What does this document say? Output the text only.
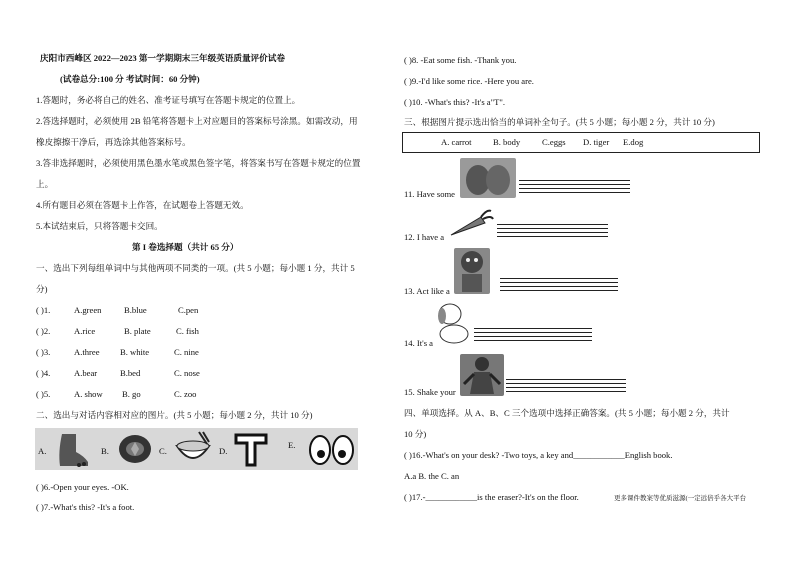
庆阳市西峰区 2022—2023 第一学期期末三年级英语质量评价试卷
(试卷总分:100 分 考试时间：60 分钟)
1.答题时，务必将自己的姓名、准考证号填写在答题卡规定的位置上。
2.答选择题时，必须使用 2B 铅笔将答题卡上对应题目的答案标号涂黑。如需改动，用
橡皮擦擦干净后，再选涂其他答案标号。
3.答非选择题时，必须使用黑色墨水笔或黑色签字笔，将答案书写在答题卡规定的位置
上。
4.所有题目必须在答题卡上作答，在试题卷上答题无效。
5.本试结束后，只将答题卡交回。
第 I 卷选择题（共计 65 分）
一、选出下列每组单词中与其他两项不同类的一项。(共 5 小题；每小题 1 分，共计 5
分)
( )1.	A.green	B.blue	C.pen
( )2.	A.rice	B. plate	C. fish
( )3.	A.three B. white	C. nine
( )4.	A.bear	B.bed	C. nose
( )5.	A. show B. go	C. zoo
二、选出与对话内容相对应的图片。(共 5 小题；每小题 2 分，共计 10 分)
A.	B.	C.	D.
E.
( )6.-Open your eyes. -OK.
( )7.-What's this? -It's a foot.
( )8. -Eat some fish. -Thank you.
( )9.-I'd like some rice. -Here you are.
( )10. -What's this? -It's a"T".
三、根据图片提示选出恰当的单词补全句子。(共 5 小题；每小题 2 分，共计 10 分)
A. carrot B. body	C.eggs D. tiger E.dog
11. Have some
12. I have a
13. Act like a
14. It's a
15. Shake your
四、单项选择。从 A、B、C 三个选项中选择正确答案。(共 5 小题；每小题 2 分，共计
10 分)
( )16.-What's on your desk? -Two toys, a key and____________English book.
A.a B. the C. an
( )17.-____________is the eraser?-It's on the floor.	更多课件教案等优质滋源(一定远倍乎各大平台
